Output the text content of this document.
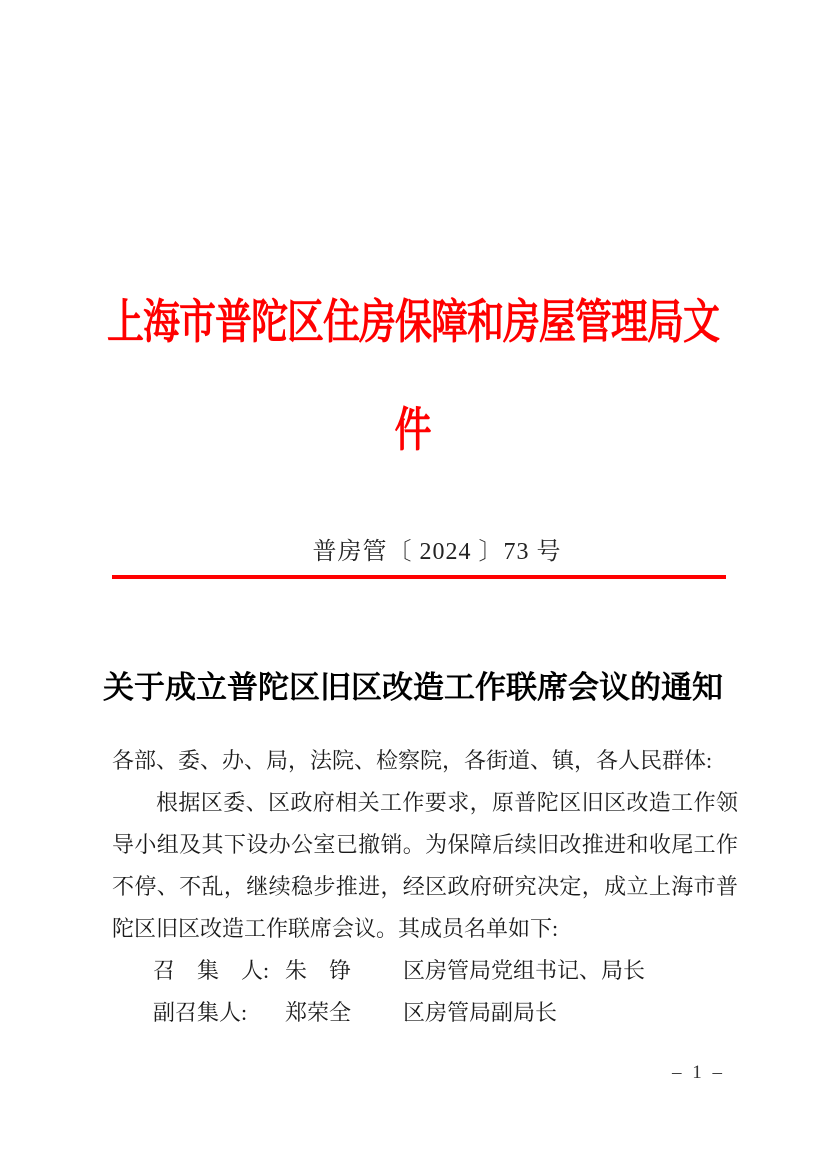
上海市普陀区住房保障和房屋管理局文
件
普房管〔 2024 〕73 号
关于成立普陀区旧区改造工作联席会议的通知
各部、委、办、局，法院、检察院，各街道、镇，各人民群体:
根据区委、区政府相关工作要求，原普陀区旧区改造工作领导小组及其下设办公室已撤销。为保障后续旧改推进和收尾工作不停、不乱，继续稳步推进，经区政府研究决定，成立上海市普陀区旧区改造工作联席会议。其成员名单如下:
召　集　人: 朱　铮 区房管局党组书记、局长
副召集人: 郑荣全 区房管局副局长
– 1 –
